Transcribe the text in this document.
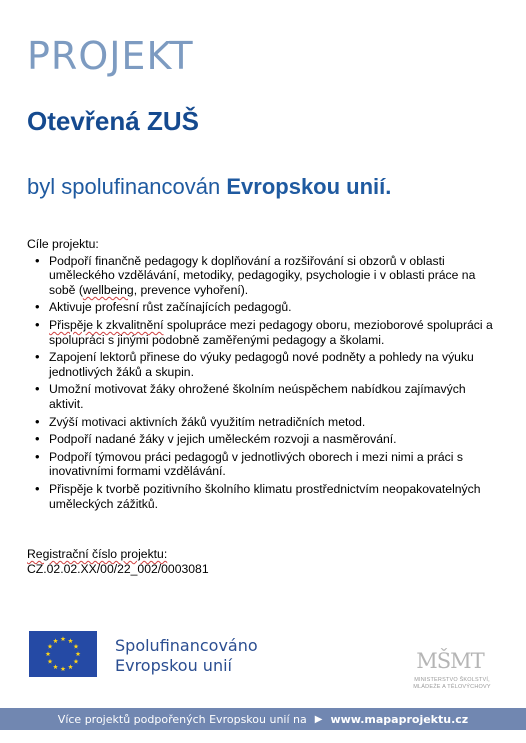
PROJEKT
Otevřená ZUŠ
byl spolufinancován Evropskou unií.

Cíle projektu:

• Podpoří finančně pedagogy k doplňování a rozšiřování si obzorů v oblasti uměleckého vzdělávání, metodiky, pedagogiky, psychologie i v oblasti práce na sobě (wellbeing, prevence vyhoření).
• Aktivuje profesní růst začínajících pedagogů.
• Přispěje k zkvalitnění spolupráce mezi pedagogy oboru, mezioborové spolupráci a spolupráci s jinými podobně zaměřenými pedagogy a školami.
• Zapojení lektorů přinese do výuky pedagogů nové podněty a pohledy na výuku jednotlivých žáků a skupin.
• Umožní motivovat žáky ohrožené školním neúspěchem nabídkou zajímavých aktivit.
• Zvýší motivaci aktivních žáků využitím netradičních metod.
• Podpoří nadané žáky v jejich uměleckém rozvoji a nasměrování.
• Podpoří týmovou práci pedagogů v jednotlivých oborech i mezi nimi a práci s inovativními formami vzdělávání.
• Přispěje k tvorbě pozitivního školního klimatu prostřednictvím neopakovatelných uměleckých zážitků.
Registrační číslo projektu:
CZ.02.02.XX/00/22_002/0003081
Spolufinancováno
Evropskou unií	MŠMT
MINISTERSTVO ŠKOLSTVÍ,
MLÁDEŽE A TĚLOVÝCHOVY
Více projektů podpořených Evropskou unií na ▶ www.mapaprojektu.cz
